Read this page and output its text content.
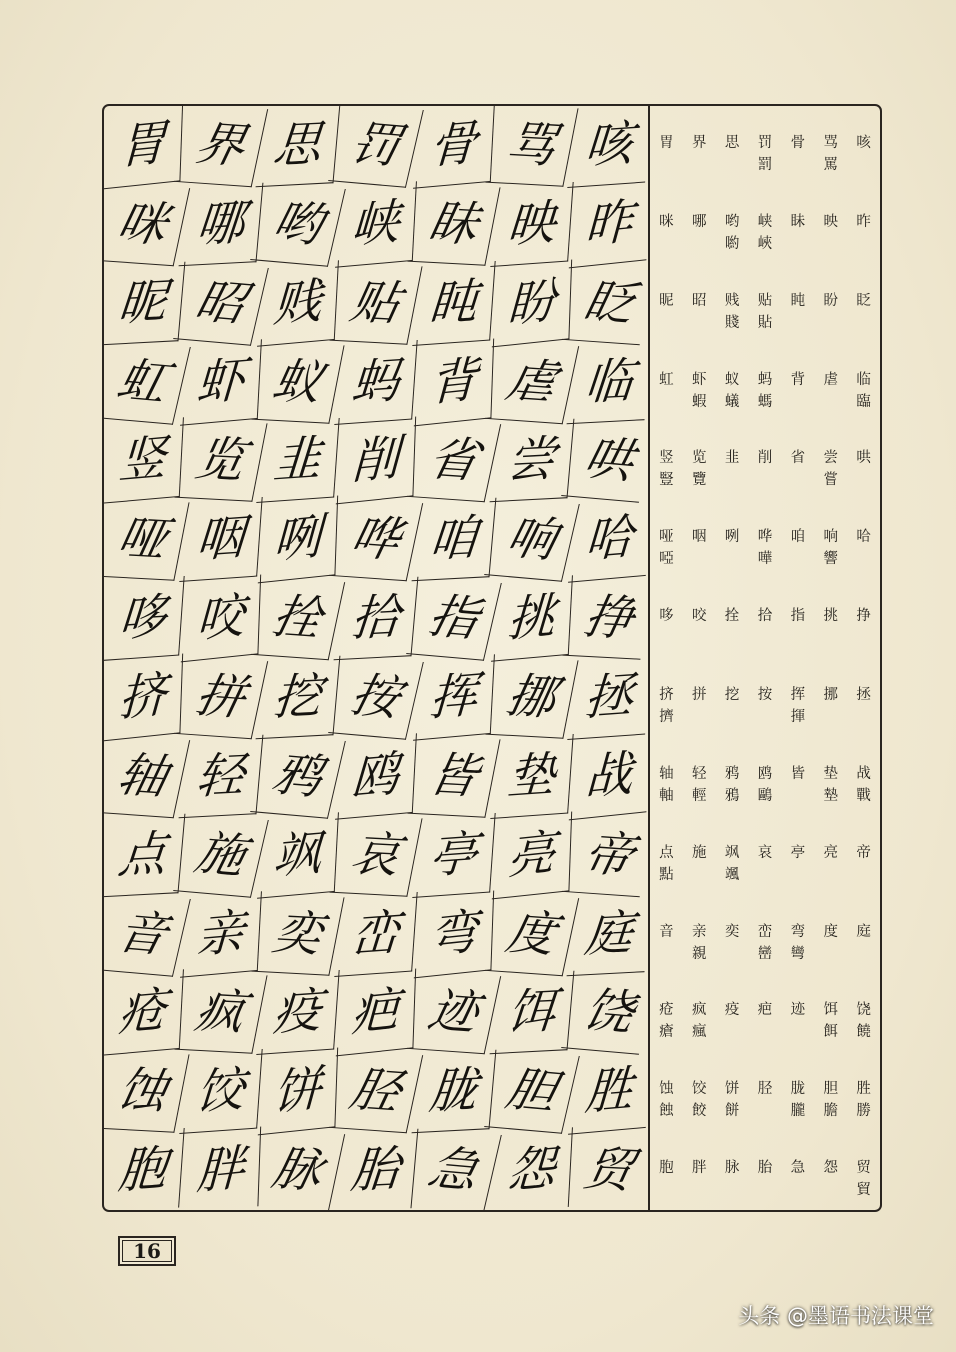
胃 界 思 罚 骨 骂 咳
咪 哪 哟 峡 眛 映 昨
昵 昭 贱 贴 盹 盼 眨
虹 虾 蚁 蚂 背 虐 临
竖 览 韭 削 省 尝 哄
哑 咽 咧 哗 咱 响 哈
哆 咬 拴 拾 指 挑 挣
挤 拼 挖 按 挥 挪 拯
轴 轻 鸦 鸥 皆 垫 战
点 施 飒 哀 亭 亮 帝
音 亲 奕 峦 弯 度 庭
疮 疯 疫 疤 迹 饵 饶
蚀 饺 饼 胫 胧 胆 胜
胞 胖 脉 胎 急 怨 贸
胃 界 思 罚
罰
骨 骂
罵
咳
咪 哪 哟
喲
峡
峽
眛 映 昨
昵 昭 贱
賤
贴
貼
盹 盼 眨
虹 虾
蝦
蚁
蟻
蚂
螞
背 虐 临
臨
竖
豎
览
覽
韭 削 省 尝
嘗
哄
哑
啞
咽 咧 哗
嘩
咱 响
響
哈
哆 咬 拴 拾 指 挑 挣
挤
擠
拼 挖 按 挥
揮
挪 拯
轴
軸
轻
輕
鸦
鴉
鸥
鷗
皆 垫
墊
战
戰
点
點
施 飒
颯
哀 亭 亮 帝
音 亲
親
奕 峦
巒
弯
彎
度 庭
疮
瘡
疯
瘋
疫 疤 迹 饵
餌
饶
饒
蚀
蝕
饺
餃
饼
餅
胫 胧
朧
胆
膽
胜
勝
胞 胖 脉 胎 急 怨 贸
貿
16
头条 @墨语书法课堂
